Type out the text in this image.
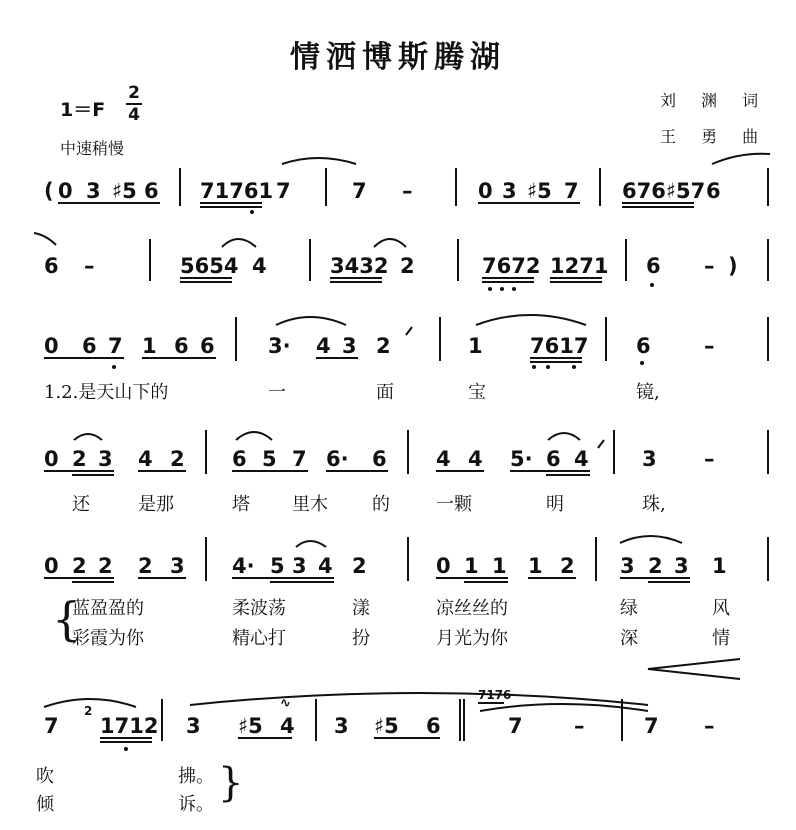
情洒博斯腾湖
1＝F
2
4
中速稍慢
刘 渊 词
王 勇 曲
( 0 3 ♯5 6 71761 7	7 –	0 3 ♯5 7 676♯57 6
6 –	5654 4	3432 2	7672 1271 6 – )
0 6 7 1 6 6	3· 4 3 2	1 7617 6	–
1.2.是天山下的	一	面	宝	镜,
0 2 3 4 2 6 5 7 6· 6 4 4 5· 6 4	3 –
还	是那	塔 里木 的	一颗	明	珠,
0 2 2 2 3 4· 5 3 4 2	0 1 1 1 2 3 2 3 1
蓝盈盈的	柔波荡	漾	凉丝丝的	绿	风
彩霞为你	精心打	扮	月光为你	深	情
{
7 1712 3 ♯5 4 3 ♯5 6	7 –	7 –
2
7176
∿
吹	拂。
倾	诉。 }
